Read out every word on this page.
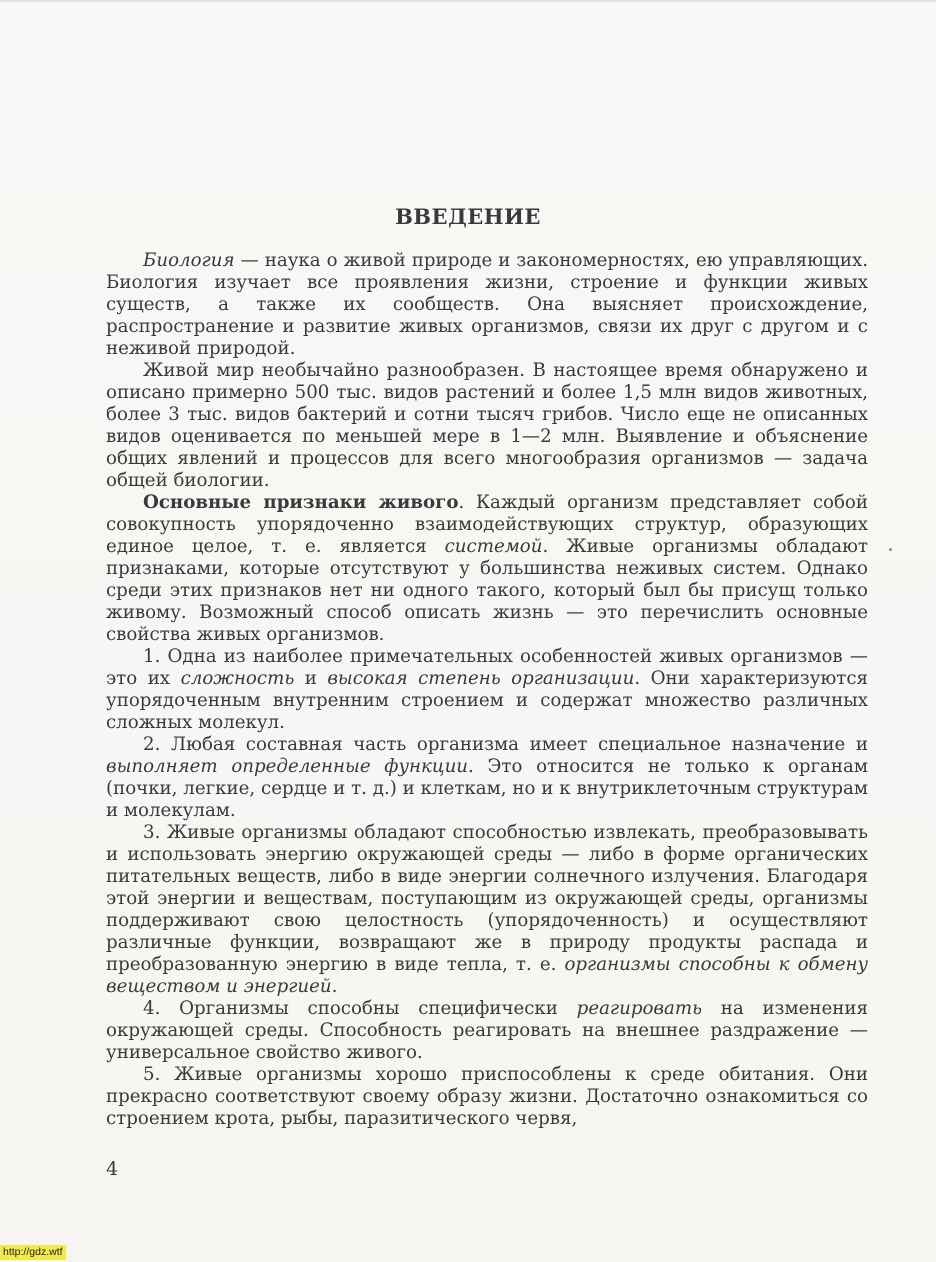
ВВЕДЕНИЕ

Биология — наука о живой природе и закономерностях, ею управляющих. Биология изучает все проявления жизни, строение и функции живых существ, а также их сообществ. Она выясняет происхождение, распространение и развитие живых организмов, связи их друг с другом и с неживой природой.

Живой мир необычайно разнообразен. В настоящее время обнаружено и описано примерно 500 тыс. видов растений и более 1,5 млн видов животных, более 3 тыс. видов бактерий и сотни тысяч грибов. Число еще не описанных видов оценивается по меньшей мере в 1—2 млн. Выявление и объяснение общих явлений и процессов для всего многообразия организмов — задача общей биологии.

Основные признаки живого. Каждый организм представляет собой совокупность упорядоченно взаимодействующих структур, образующих единое целое, т. е. является системой. Живые организмы обладают признаками, которые отсутствуют у большинства неживых систем. Однако среди этих признаков нет ни одного такого, который был бы присущ только живому. Возможный способ описать жизнь — это перечислить основные свойства живых организмов.

1. Одна из наиболее примечательных особенностей живых организмов — это их сложность и высокая степень организации. Они характеризуются упорядоченным внутренним строением и содержат множество различных сложных молекул.

2. Любая составная часть организма имеет специальное назначение и выполняет определенные функции. Это относится не только к органам (почки, легкие, сердце и т. д.) и клеткам, но и к внутриклеточным структурам и молекулам.

3. Живые организмы обладают способностью извлекать, преобразовывать и использовать энергию окружающей среды — либо в форме органических питательных веществ, либо в виде энергии солнечного излучения. Благодаря этой энергии и веществам, поступающим из окружающей среды, организмы поддерживают свою целостность (упорядоченность) и осуществляют различные функции, возвращают же в природу продукты распада и преобразованную энергию в виде тепла, т. е. организмы способны к обмену веществом и энергией.

4. Организмы способны специфически реагировать на изменения окружающей среды. Способность реагировать на внешнее раздражение — универсальное свойство живого.

5. Живые организмы хорошо приспособлены к среде обитания. Они прекрасно соответствуют своему образу жизни. Достаточно ознакомиться со строением крота, рыбы, паразитического червя,

4
http://gdz.wtf
